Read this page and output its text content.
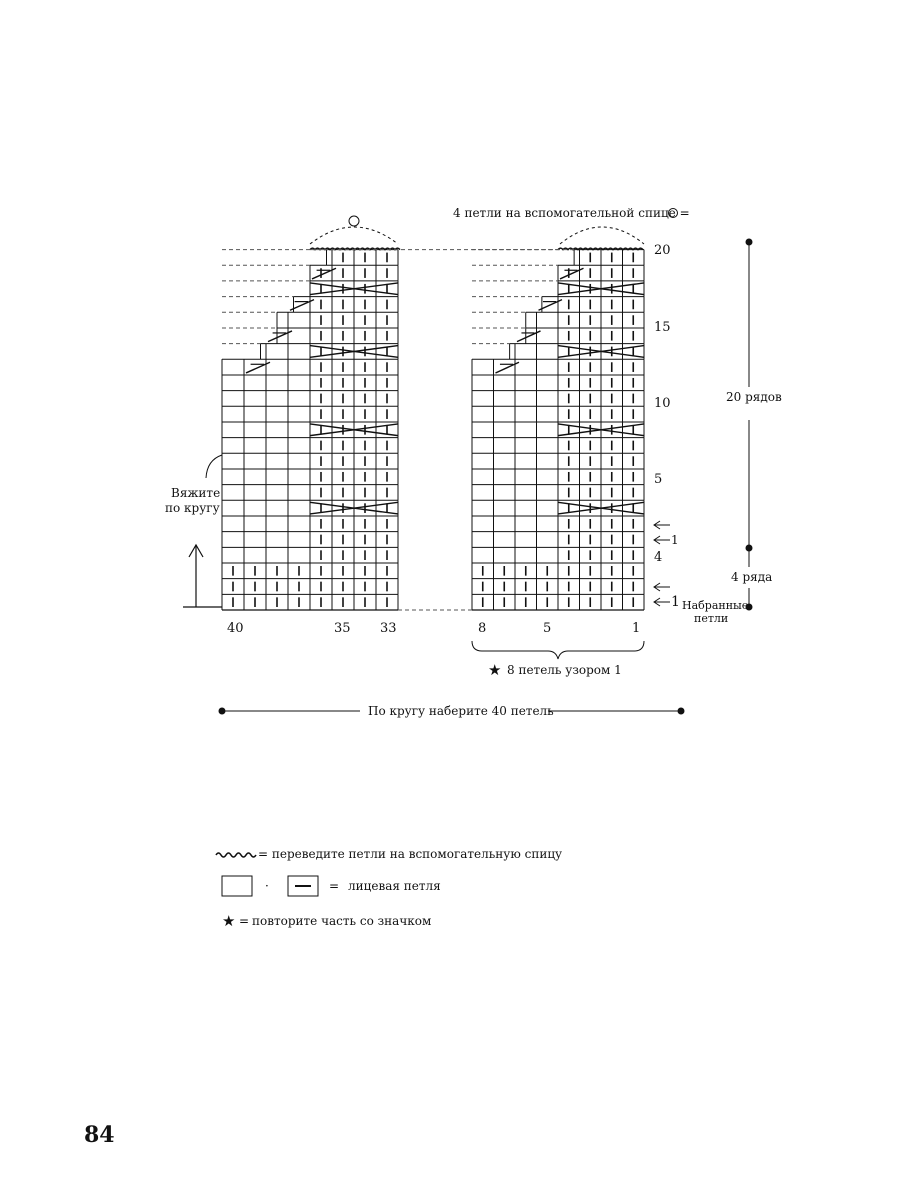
4 петли на вспомогательной спице =
20
15
10
5
4
1
1
20 рядов
4 ряда
Набранные
петли
Вяжите
по кругу
40	35 33	8	5	1
★ 8 петель узором 1
По кругу наберите 40 петель
= переведите петли на вспомогательную спицу
·	= лицевая петля
★ = повторите часть со значком
84
